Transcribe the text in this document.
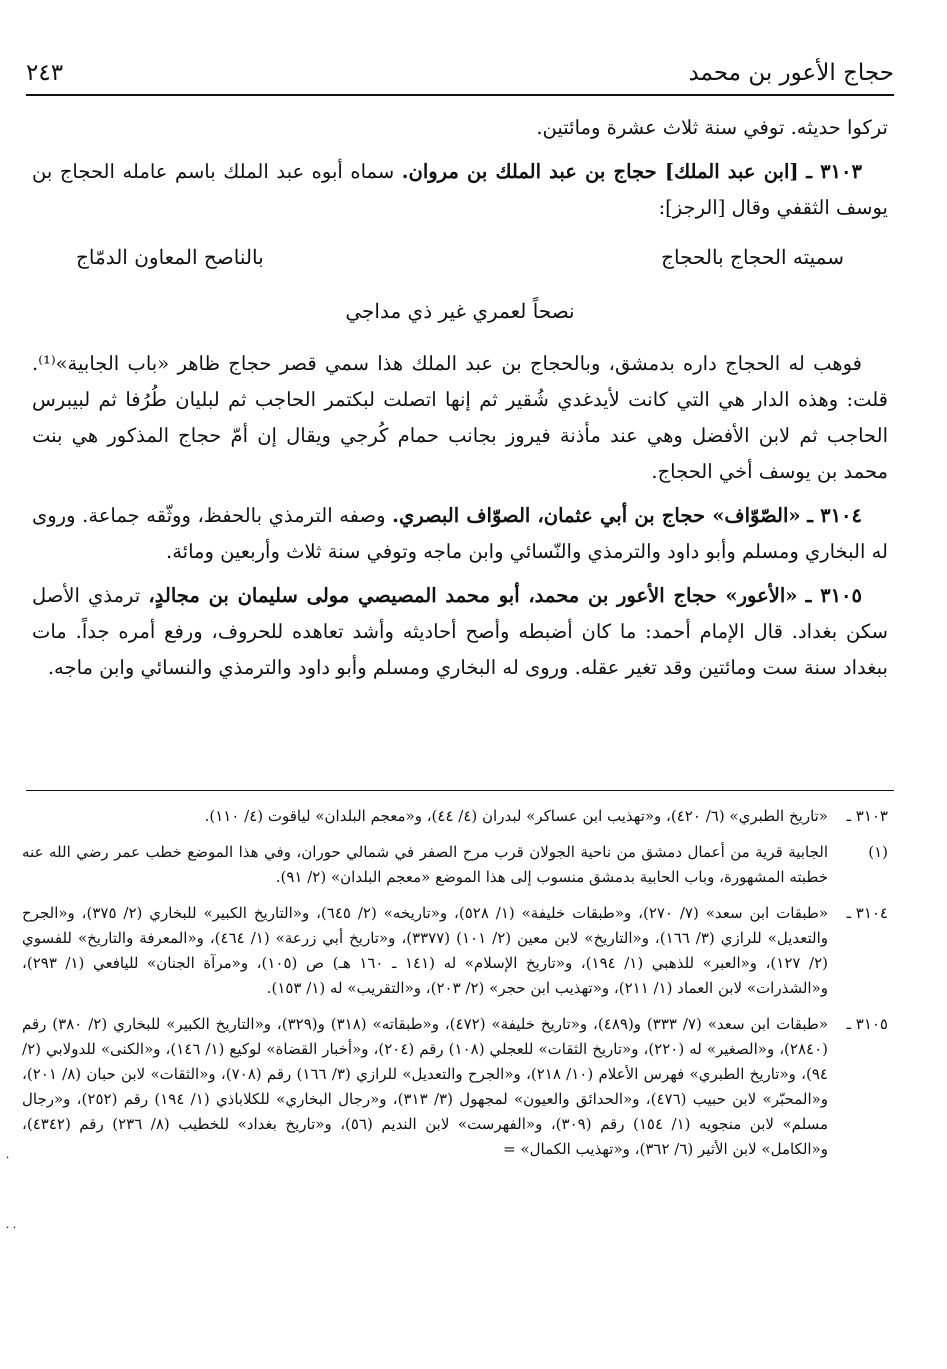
حجاج الأعور بن محمد
٢٤٣

تركوا حديثه. توفي سنة ثلاث عشرة ومائتين.

٣١٠٣ ـ [ابن عبد الملك] حجاج بن عبد الملك بن مروان. سماه أبوه عبد الملك باسم عامله الحجاج بن يوسف الثقفي وقال [الرجز]:

سميته الحجاج بالحجاج
بالناصح المعاون الدمّاج
نصحاً لعمري غير ذي مداجي

فوهب له الحجاج داره بدمشق، وبالحجاج بن عبد الملك هذا سمي قصر حجاج ظاهر «باب الجابية»⁽¹⁾. قلت: وهذه الدار هي التي كانت لأيدغدي شُقير ثم إنها اتصلت لبكتمر الحاجب ثم لبليان طُرُفا ثم لبيبرس الحاجب ثم لابن الأفضل وهي عند مأذنة فيروز بجانب حمام كُرجي ويقال إن أمّ حجاج المذكور هي بنت محمد بن يوسف أخي الحجاج.

٣١٠٤ ـ «الصّوّاف» حجاج بن أبي عثمان، الصوّاف البصري. وصفه الترمذي بالحفظ، ووثّقه جماعة. وروى له البخاري ومسلم وأبو داود والترمذي والنّسائي وابن ماجه وتوفي سنة ثلاث وأربعين ومائة.

٣١٠٥ ـ «الأعور» حجاج الأعور بن محمد، أبو محمد المصيصي مولى سليمان بن مجالدٍ، ترمذي الأصل سكن بغداد. قال الإمام أحمد: ما كان أضبطه وأصح أحاديثه وأشد تعاهده للحروف، ورفع أمره جداً. مات ببغداد سنة ست ومائتين وقد تغير عقله. وروى له البخاري ومسلم وأبو داود والترمذي والنسائي وابن ماجه.

٣١٠٣ ـ
«تاريخ الطبري» (٦/ ٤٢٠)، و«تهذيب ابن عساكر» لبدران (٤/ ٤٤)، و«معجم البلدان» لياقوت (٤/ ١١٠).
(١)
الجابية قرية من أعمال دمشق من ناحية الجولان قرب مرح الصفر في شمالي حوران، وفي هذا الموضع خطب عمر رضي الله عنه خطبته المشهورة، وباب الحابية بدمشق منسوب إلى هذا الموضع «معجم البلدان» (٢/ ٩١).
٣١٠٤ ـ
«طبقات ابن سعد» (٧/ ٢٧٠)، و«طبقات خليفة» (١/ ٥٢٨)، و«تاريخه» (٢/ ٦٤٥)، و«التاريخ الكبير» للبخاري (٢/ ٣٧٥)، و«الجرح والتعديل» للرازي (٣/ ١٦٦)، و«التاريخ» لابن معين (٢/ ١٠١) (٣٣٧٧)، و«تاريخ أبي زرعة» (١/ ٤٦٤)، و«المعرفة والتاريخ» للفسوي (٢/ ١٢٧)، و«العبر» للذهبي (١/ ١٩٤)، و«تاريخ الإسلام» له (١٤١ ـ ١٦٠ هـ) ص (١٠٥)، و«مرآة الجنان» لليافعي (١/ ٢٩٣)، و«الشذرات» لابن العماد (١/ ٢١١)، و«تهذيب ابن حجر» (٢/ ٢٠٣)، و«التقريب» له (١/ ١٥٣).
٣١٠٥ ـ
«طبقات ابن سعد» (٧/ ٣٣٣) و(٤٨٩)، و«تاريخ خليفة» (٤٧٢)، و«طبقاته» (٣١٨) و(٣٢٩)، و«التاريخ الكبير» للبخاري (٢/ ٣٨٠) رقم (٢٨٤٠)، و«الصغير» له (٢٢٠)، و«تاريخ الثقات» للعجلي (١٠٨) رقم (٢٠٤)، و«أخبار القضاة» لوكيع (١/ ١٤٦)، و«الكنى» للدولابي (٢/ ٩٤)، و«تاريخ الطبري» فهرس الأعلام (١٠/ ٢١٨)، و«الجرح والتعديل» للرازي (٣/ ١٦٦) رقم (٧٠٨)، و«الثقات» لابن حبان (٨/ ٢٠١)، و«المحبّر» لابن حبيب (٤٧٦)، و«الحدائق والعيون» لمجهول (٣/ ٣١٣)، و«رجال البخاري» للكلاباذي (١/ ١٩٤) رقم (٢٥٢)، و«رجال مسلم» لابن منجويه (١/ ١٥٤) رقم (٣٠٩)، و«الفهرست» لابن النديم (٥٦)، و«تاريخ بغداد» للخطيب (٨/ ٢٣٦) رقم (٤٣٤٢)، و«الكامل» لابن الأثير (٦/ ٣٦٢)، و«تهذيب الكمال» =
٠
٠٠
